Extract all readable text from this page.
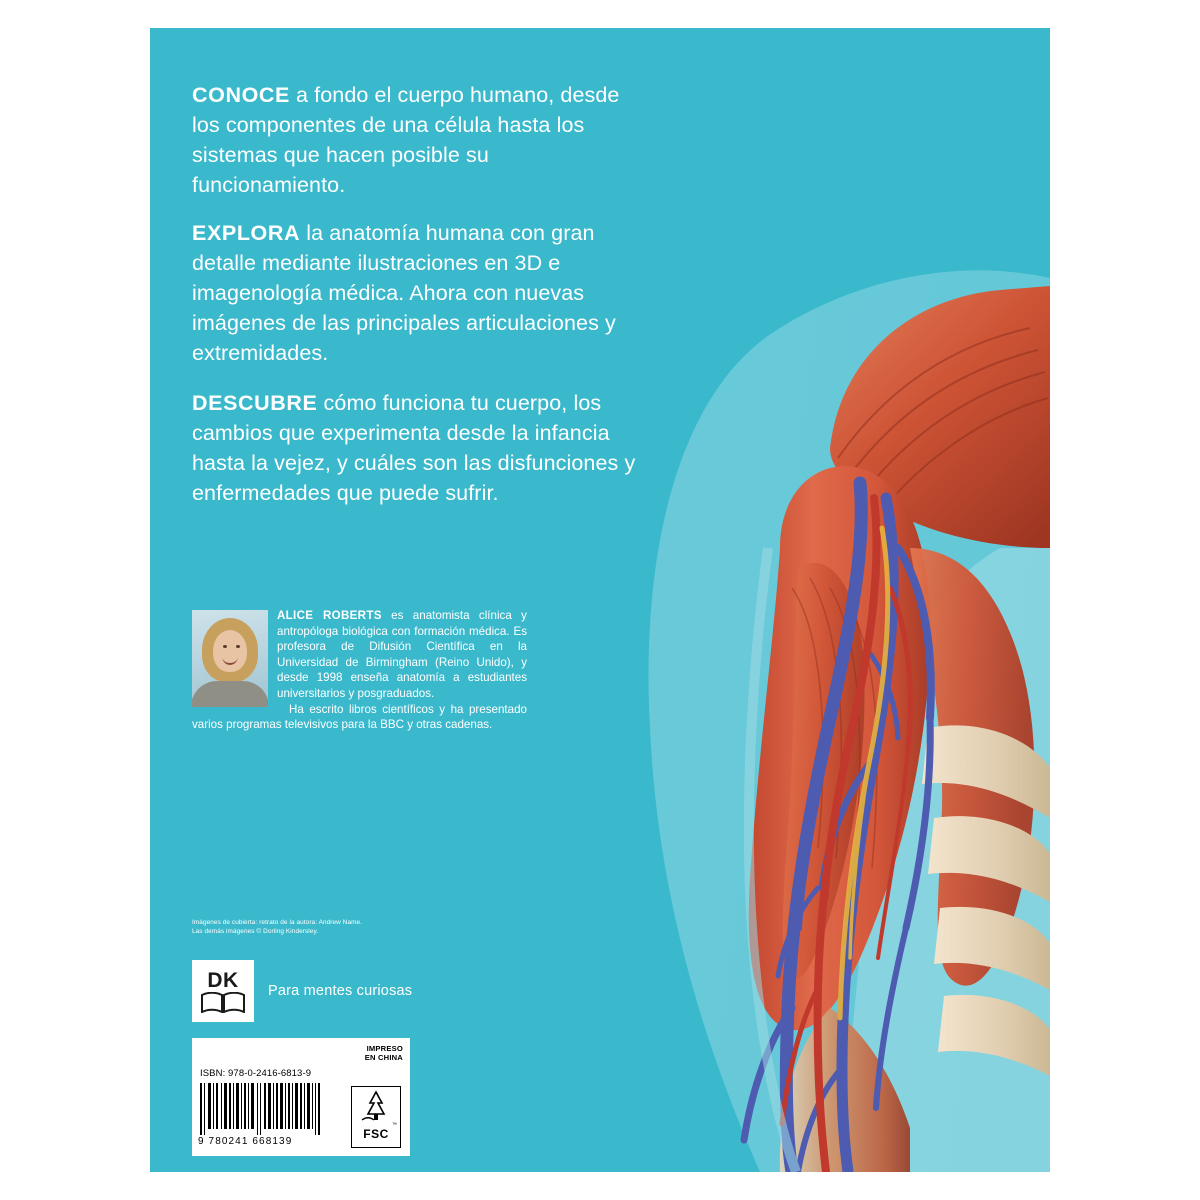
CONOCE a fondo el cuerpo humano, desde los componentes de una célula hasta los sistemas que hacen posible su funcionamiento.
EXPLORA la anatomía humana con gran detalle mediante ilustraciones en 3D e imagenología médica. Ahora con nuevas imágenes de las principales articulaciones y extremidades.
DESCUBRE cómo funciona tu cuerpo, los cambios que experimenta desde la infancia hasta la vejez, y cuáles son las disfunciones y enfermedades que puede sufrir.
ALICE ROBERTS es anatomista clínica y antropóloga biológica con formación médica. Es profesora de Difusión Científica en la Universidad de Birmingham (Reino Unido), y desde 1998 enseña anatomía a estudiantes universitarios y posgraduados.
Ha escrito libros científicos y ha presentado varios programas televisivos para la BBC y otras cadenas.
Imágenes de cubierta: retrato de la autora: Andrew Name.
Las demás imágenes © Dorling Kindersley.
DK	Para mentes curiosas
IMPRESO
EN CHINA
ISBN: 978-0-2416-6813-9
9 780241 668139
™
FSC
